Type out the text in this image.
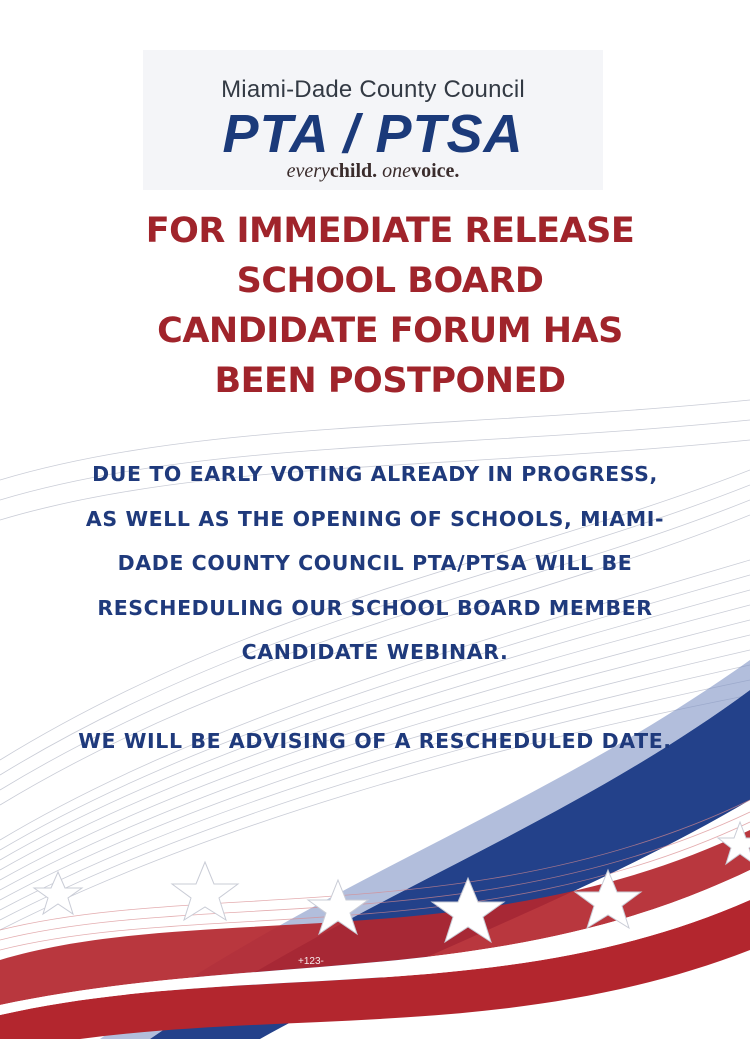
Miami-Dade County Council
PTA / PTSA
everychild. onevoice.
FOR IMMEDIATE RELEASE
SCHOOL BOARD
CANDIDATE FORUM HAS
BEEN POSTPONED
DUE TO EARLY VOTING ALREADY IN PROGRESS,
AS WELL AS THE OPENING OF SCHOOLS, MIAMI-
DADE COUNTY COUNCIL PTA/PTSA WILL BE
RESCHEDULING OUR SCHOOL BOARD MEMBER
CANDIDATE WEBINAR.
WE WILL BE ADVISING OF A RESCHEDULED DATE.
+123-
